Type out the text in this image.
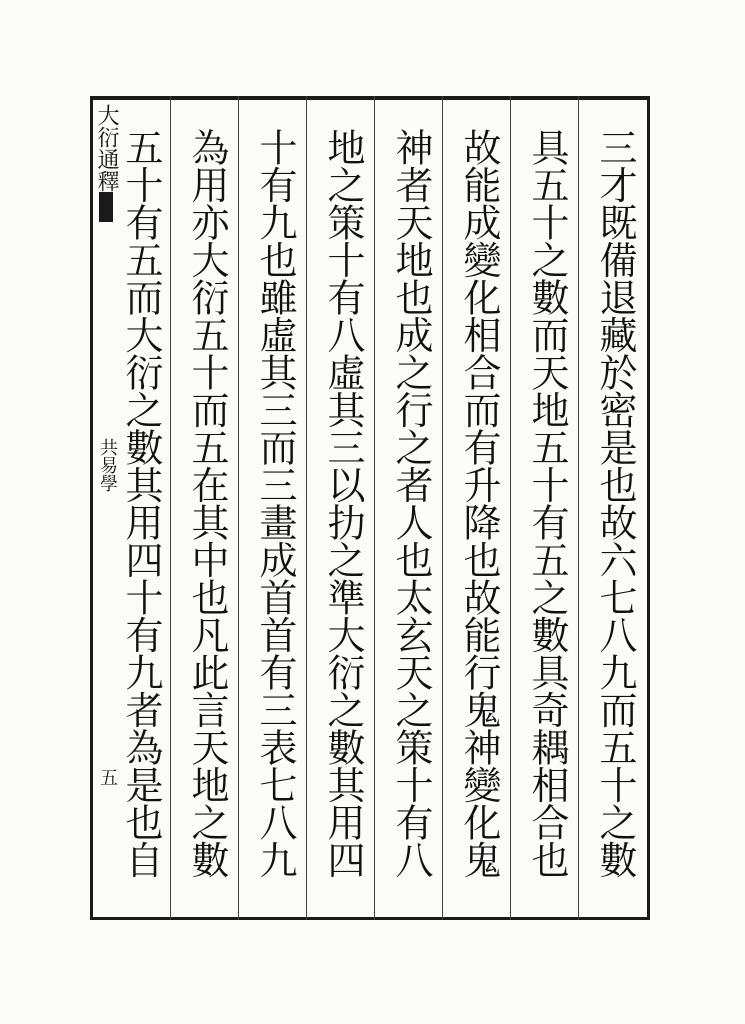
大衍通釋
共易學
五	三才既備退藏於密是也故六七八九而五十之數
具五十之數而天地五十有五之數具奇耦相合也
故能成變化相合而有升降也故能行鬼神變化鬼
神者天地也成之行之者人也太玄天之策十有八
地之策十有八虛其三以扐之準大衍之數其用四
十有九也雖虛其三而三畫成首首有三表七八九
為用亦大衍五十而五在其中也凡此言天地之數
五十有五而大衍之數其用四十有九者為是也自
